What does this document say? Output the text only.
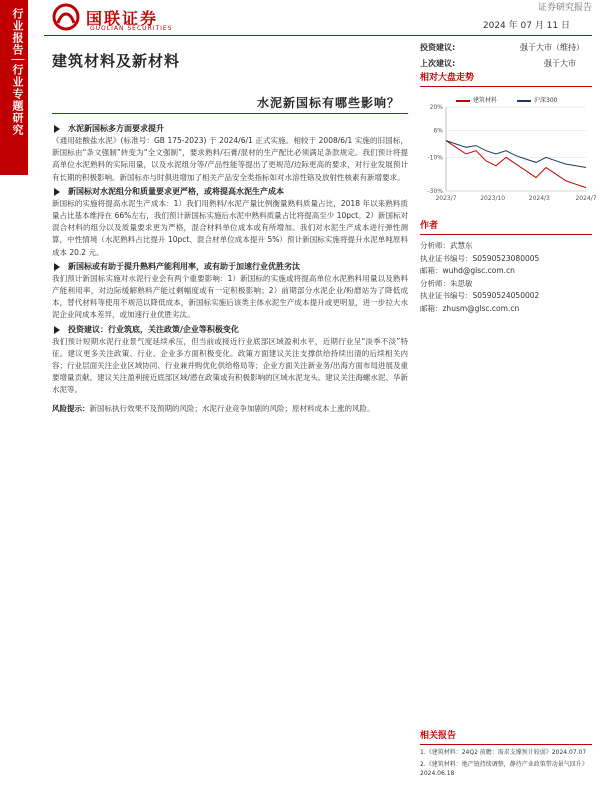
行业报告│行业专题研究	国联证券
GUOLIAN SECURITIES
证券研究报告
2024 年 07 月 11 日
建筑材料及新材料
投资建议:	强于大市（维持）
上次建议:	强于大市
水泥新国标有哪些影响？
水泥新国标多方面要求提升

《通用硅酸盐水泥》(标准号：GB 175-2023) 于 2024/6/1 正式实施。相较于 2008/6/1 实施的旧国标，新国标由“条文强制”转变为“全文强制”，要求熟料/石膏/混材的生产配比必须满足条款规定。我们预计将提高单位水泥熟料的实际用量，以及水泥组分等/产品性能等提出了更规范/边际更高的要求，对行业发展预计有长期的积极影响。新国标亦与时俱进增加了相关产品安全类指标如对水溶性铬及放射性核素有新增要求。

新国标对水泥组分和质量要求更严格，或将提高水泥生产成本

新国标的实施将提高水泥生产成本：1）我们用熟料/水泥产量比例衡量熟料质量占比，2018 年以来熟料质量占比基本维持在 66%左右，我们预计新国标实施后水泥中熟料质量占比将提高至少 10pct。2）新国标对混合材料的组分以及质量要求更为严格，混合材料单位成本或有所增加。我们对水泥生产成本进行弹性测算，中性情境（水泥熟料占比提升 10pct、混合材单位成本提升 5%）预计新国标实施将提升水泥单吨原料成本 20.2 元。

新国标或有助于提升熟料产能利用率，或有助于加速行业优胜劣汰

我们预计新国标实施对水泥行业会有两个重要影响：1）新国标的实施或将提高单位水泥熟料用量以及熟料产能利用率，对边际缓解熟料产能过剩幅度或有一定积极影响；2）前期部分水泥企业/粉磨站为了降低成本，替代材料等使用不规范以降低成本，新国标实施后该类主体水泥生产成本提升或更明显，进一步拉大水泥企业间成本差异，或加速行业优胜劣汰。

投资建议：行业筑底，关注政策/企业等积极变化

我们预计短期水泥行业景气度延续承压，但当前或接近行业底部区域盈利水平，近期行业呈“淡季不淡”特征。建议更多关注政策、行业、企业多方面积极变化。政策方面建议关注支撑供给持续出清的后续相关内容；行业层面关注企业区域协同、行业兼并购优化供给格局等；企业方面关注新业务/出海方面布局进展及重要增量贡献。建议关注盈利接近底部区域/潜在政策或有积极影响的区域水泥龙头。建议关注海螺水泥、华新水泥等。

风险提示：新国标执行效果不及预期的风险；水泥行业竞争加剧的风险；原材料成本上涨的风险。
相对大盘走势
建筑材料	沪深300
20%
6%
-10%
-30%
2023/7	2023/10	2024/3	2024/7
作者
分析师：武慧东
执业证书编号：S0590523080005
邮箱：wuhd@glsc.com.cn
分析师：朱思敏
执业证书编号：S0590524050002
邮箱：zhusm@glsc.com.cn
相关报告
1.《建筑材料：24Q2 前瞻：需求支撑预计较弱》2024.07.07
2.《建筑材料：地产链持续调整，静待产业政策带动景气回升》2024.06.18
